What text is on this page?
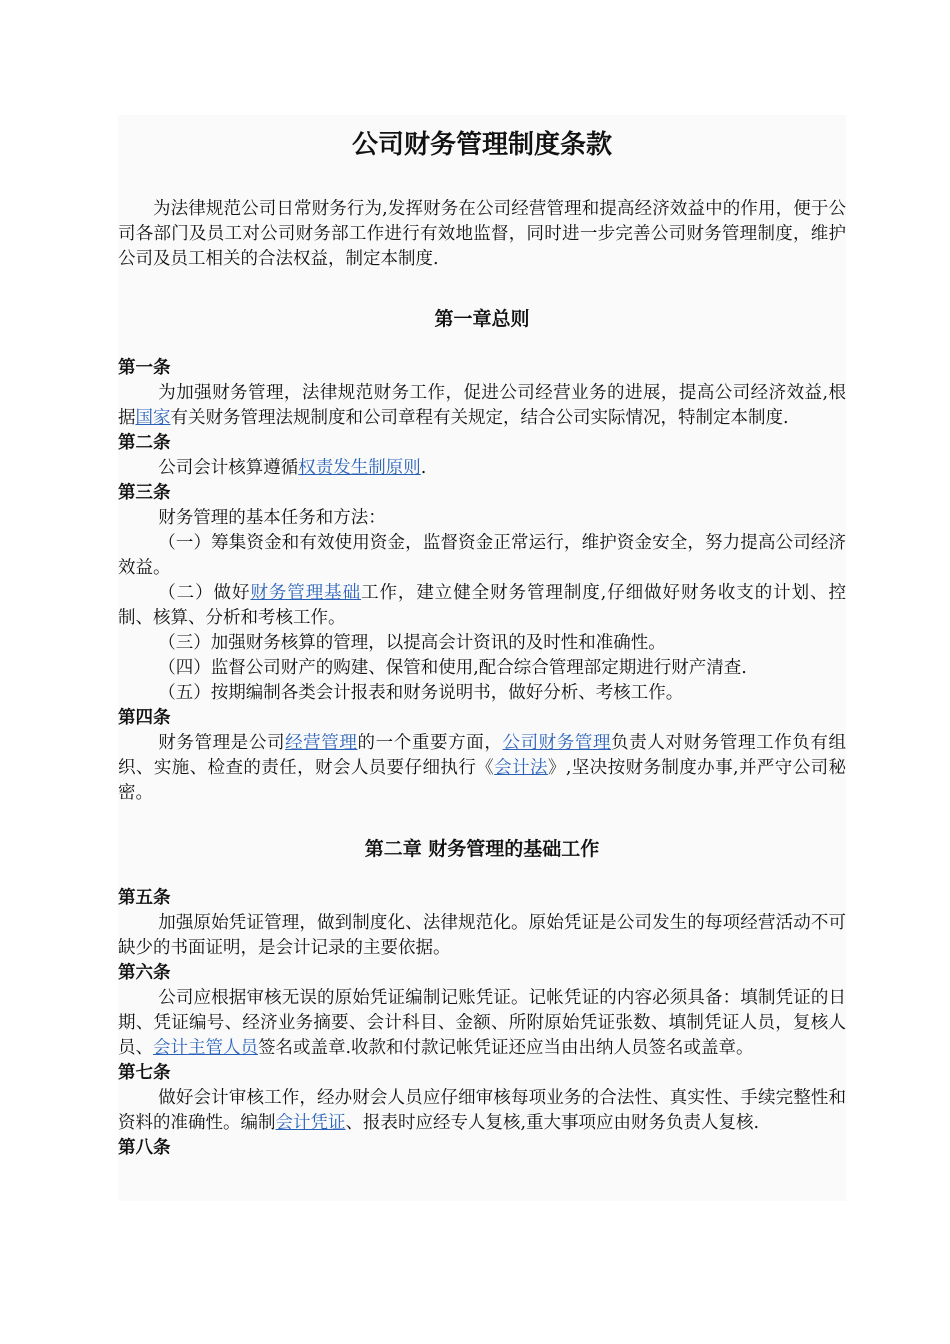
公司财务管理制度条款

为法律规范公司日常财务行为,发挥财务在公司经营管理和提高经济效益中的作用，便于公司各部门及员工对公司财务部工作进行有效地监督，同时进一步完善公司财务管理制度，维护公司及员工相关的合法权益，制定本制度.

第一章总则
第一条

为加强财务管理，法律规范财务工作，促进公司经营业务的进展，提高公司经济效益,根据国家有关财务管理法规制度和公司章程有关规定，结合公司实际情况，特制定本制度.

第二条

公司会计核算遵循权责发生制原则.

第三条

财务管理的基本任务和方法：

（一）筹集资金和有效使用资金，监督资金正常运行，维护资金安全，努力提高公司经济效益。

（二）做好财务管理基础工作，建立健全财务管理制度,仔细做好财务收支的计划、控制、核算、分析和考核工作。

（三）加强财务核算的管理，以提高会计资讯的及时性和准确性。

（四）监督公司财产的购建、保管和使用,配合综合管理部定期进行财产清查.

（五）按期编制各类会计报表和财务说明书，做好分析、考核工作。

第四条

财务管理是公司经营管理的一个重要方面，公司财务管理负责人对财务管理工作负有组织、实施、检查的责任，财会人员要仔细执行《会计法》,坚决按财务制度办事,并严守公司秘密。

第二章 财务管理的基础工作
第五条

加强原始凭证管理，做到制度化、法律规范化。原始凭证是公司发生的每项经营活动不可缺少的书面证明，是会计记录的主要依据。

第六条

公司应根据审核无误的原始凭证编制记账凭证。记帐凭证的内容必须具备：填制凭证的日期、凭证编号、经济业务摘要、会计科目、金额、所附原始凭证张数、填制凭证人员，复核人员、会计主管人员签名或盖章.收款和付款记帐凭证还应当由出纳人员签名或盖章。

第七条

做好会计审核工作，经办财会人员应仔细审核每项业务的合法性、真实性、手续完整性和资料的准确性。编制会计凭证、报表时应经专人复核,重大事项应由财务负责人复核.

第八条
